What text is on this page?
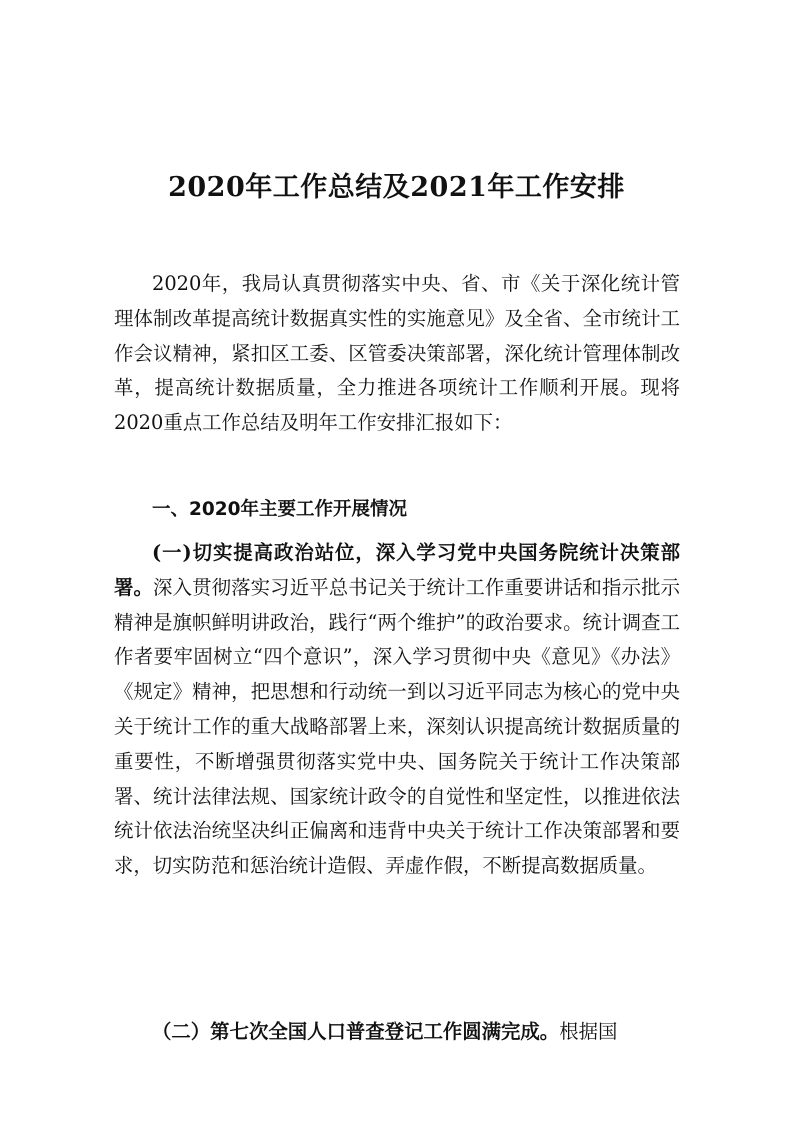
2020年工作总结及2021年工作安排
2020年，我局认真贯彻落实中央、省、市《关于深化统计管理体制改革提高统计数据真实性的实施意见》及全省、全市统计工作会议精神，紧扣区工委、区管委决策部署，深化统计管理体制改革，提高统计数据质量，全力推进各项统计工作顺利开展。现将2020重点工作总结及明年工作安排汇报如下：
一、2020年主要工作开展情况
(一)切实提高政治站位，深入学习党中央国务院统计决策部署。深入贯彻落实习近平总书记关于统计工作重要讲话和指示批示精神是旗帜鲜明讲政治，践行“两个维护”的政治要求。统计调查工作者要牢固树立“四个意识”，深入学习贯彻中央《意见》《办法》《规定》精神，把思想和行动统一到以习近平同志为核心的党中央关于统计工作的重大战略部署上来，深刻认识提高统计数据质量的重要性，不断增强贯彻落实党中央、国务院关于统计工作决策部署、统计法律法规、国家统计政令的自觉性和坚定性，以推进依法统计依法治统坚决纠正偏离和违背中央关于统计工作决策部署和要求，切实防范和惩治统计造假、弄虚作假，不断提高数据质量。
（二）第七次全国人口普查登记工作圆满完成。根据国
